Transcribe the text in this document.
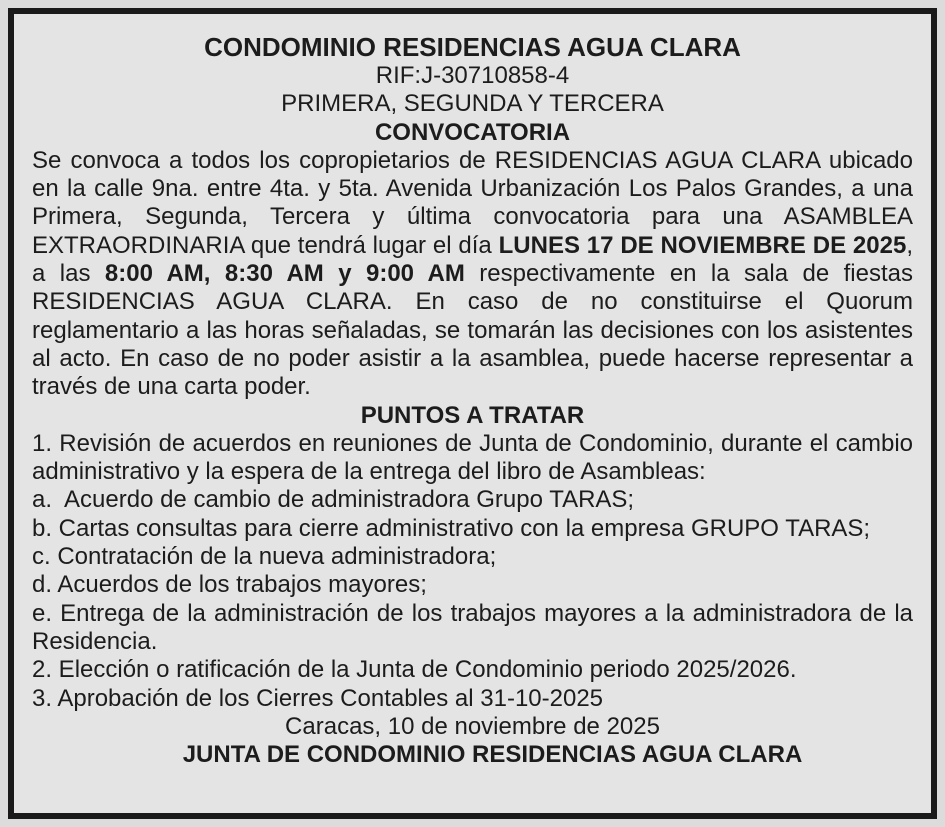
CONDOMINIO RESIDENCIAS AGUA CLARA

RIF:J-30710858-4

PRIMERA, SEGUNDA Y TERCERA

CONVOCATORIA

Se convoca a todos los copropietarios de RESIDENCIAS AGUA CLARA ubicado en la calle 9na. entre 4ta. y 5ta. Avenida Urbanización Los Palos Grandes, a una Primera, Segunda, Tercera y última convocatoria para una ASAMBLEA EXTRAORDINARIA que tendrá lugar el día LUNES 17 DE NOVIEMBRE DE 2025, a las 8:00 AM, 8:30 AM y 9:00 AM respectivamente en la sala de fiestas RESIDENCIAS AGUA CLARA. En caso de no constituirse el Quorum reglamentario a las horas señaladas, se tomarán las decisiones con los asistentes al acto. En caso de no poder asistir a la asamblea, puede hacerse representar a través de una carta poder.

PUNTOS A TRATAR

1. Revisión de acuerdos en reuniones de Junta de Condominio, durante el cambio administrativo y la espera de la entrega del libro de Asambleas:

a.  Acuerdo de cambio de administradora Grupo TARAS;

b. Cartas consultas para cierre administrativo con la empresa GRUPO TARAS;

c. Contratación de la nueva administradora;

d. Acuerdos de los trabajos mayores;

e. Entrega de la administración de los trabajos mayores a la administradora de la Residencia.

2. Elección o ratificación de la Junta de Condominio periodo 2025/2026.

3. Aprobación de los Cierres Contables al 31-10-2025

Caracas, 10 de noviembre de 2025

JUNTA DE CONDOMINIO RESIDENCIAS AGUA CLARA
